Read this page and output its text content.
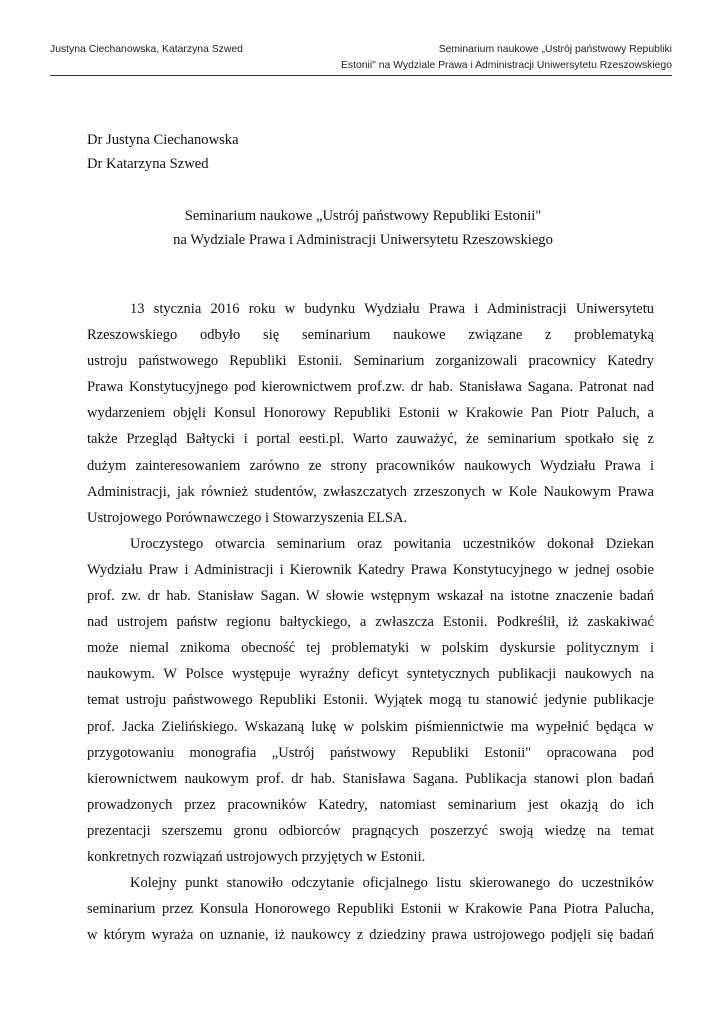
Justyna Ciechanowska, Katarzyna Szwed	Seminarium naukowe „Ustrój państwowy Republiki
Estonii" na Wydziale Prawa i Administracji Uniwersytetu Rzeszowskiego
Dr Justyna Ciechanowska
Dr Katarzyna Szwed
Seminarium naukowe „Ustrój państwowy Republiki Estonii"
na Wydziale Prawa i Administracji Uniwersytetu Rzeszowskiego

13 stycznia 2016 roku w budynku Wydziału Prawa i Administracji Uniwersytetu
Rzeszowskiego odbyło się seminarium naukowe związane z problematyką
ustroju państwowego Republiki Estonii. Seminarium zorganizowali pracownicy Katedry
Prawa Konstytucyjnego pod kierownictwem prof.zw. dr hab. Stanisława Sagana. Patronat nad
wydarzeniem objęli Konsul Honorowy Republiki Estonii w Krakowie Pan Piotr Paluch, a
także Przegląd Bałtycki i portal eesti.pl. Warto zauważyć, że seminarium spotkało się z
dużym zainteresowaniem zarówno ze strony pracowników naukowych Wydziału Prawa i
Administracji, jak również studentów, zwłaszczatych zrzeszonych w Kole Naukowym Prawa
Ustrojowego Porównawczego i Stowarzyszenia ELSA.

Uroczystego otwarcia seminarium oraz powitania uczestników dokonał Dziekan
Wydziału Praw i Administracji i Kierownik Katedry Prawa Konstytucyjnego w jednej osobie
prof. zw. dr hab. Stanisław Sagan. W słowie wstępnym wskazał na istotne znaczenie badań
nad ustrojem państw regionu bałtyckiego, a zwłaszcza Estonii. Podkreślił, iż zaskakiwać
może niemal znikoma obecność tej problematyki w polskim dyskursie politycznym i
naukowym. W Polsce występuje wyraźny deficyt syntetycznych publikacji naukowych na
temat ustroju państwowego Republiki Estonii. Wyjątek mogą tu stanowić jedynie publikacje
prof. Jacka Zielińskiego. Wskazaną lukę w polskim piśmiennictwie ma wypełnić będąca w
przygotowaniu monografia „Ustrój państwowy Republiki Estonii" opracowana pod
kierownictwem naukowym prof. dr hab. Stanisława Sagana. Publikacja stanowi plon badań
prowadzonych przez pracowników Katedry, natomiast seminarium jest okazją do ich
prezentacji szerszemu gronu odbiorców pragnących poszerzyć swoją wiedzę na temat
konkretnych rozwiązań ustrojowych przyjętych w Estonii.

Kolejny punkt stanowiło odczytanie oficjalnego listu skierowanego do uczestników
seminarium przez Konsula Honorowego Republiki Estonii w Krakowie Pana Piotra Palucha,
w którym wyraża on uznanie, iż naukowcy z dziedziny prawa ustrojowego podjęli się badań
